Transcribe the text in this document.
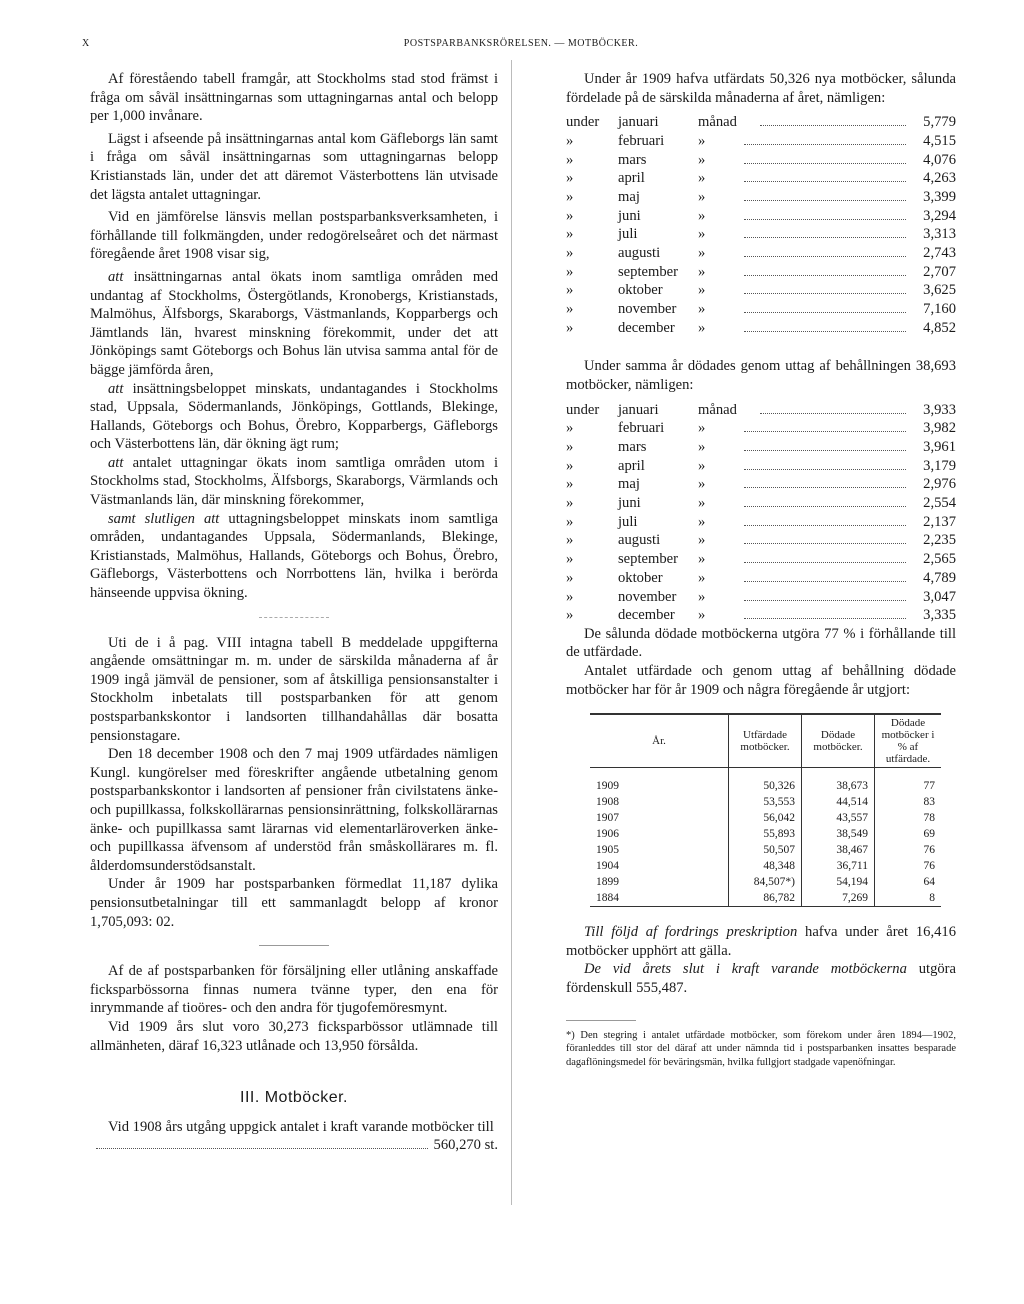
X	POSTSPARBANKSRÖRELSEN. — MOTBÖCKER.

Af föreståendo tabell framgår, att Stockholms stad stod främst i fråga om såväl insättningarnas som uttagningarnas antal och belopp per 1,000 invånare.

Lägst i afseende på insättningarnas antal kom Gäfleborgs län samt i fråga om såväl insättningarnas som uttagningarnas belopp Kristianstads län, under det att däremot Västerbottens län utvisade det lägsta antalet uttagningar.

Vid en jämförelse länsvis mellan postsparbanksverksamheten, i förhållande till folkmängden, under redogörelseåret och det närmast föregående året 1908 visar sig,

att insättningarnas antal ökats inom samtliga områden med undantag af Stockholms, Östergötlands, Kronobergs, Kristianstads, Malmöhus, Älfsborgs, Skaraborgs, Västmanlands, Kopparbergs och Jämtlands län, hvarest minskning förekommit, under det att Jönköpings samt Göteborgs och Bohus län utvisa samma antal för de bägge jämförda åren,

att insättningsbeloppet minskats, undantagandes i Stockholms stad, Uppsala, Södermanlands, Jönköpings, Gottlands, Blekinge, Hallands, Göteborgs och Bohus, Örebro, Kopparbergs, Gäfleborgs och Västerbottens län, där ökning ägt rum;

att antalet uttagningar ökats inom samtliga områden utom i Stockholms stad, Stockholms, Älfsborgs, Skaraborgs, Värmlands och Västmanlands län, där minskning förekommer,

samt slutligen att uttagningsbeloppet minskats inom samtliga områden, undantagandes Uppsala, Södermanlands, Blekinge, Kristianstads, Malmöhus, Hallands, Göteborgs och Bohus, Örebro, Gäfleborgs, Västerbottens och Norrbottens län, hvilka i berörda hänseende uppvisa ökning.

Uti de i å pag. VIII intagna tabell B meddelade uppgifterna angående omsättningar m. m. under de särskilda månaderna af år 1909 ingå jämväl de pensioner, som af åtskilliga pensionsanstalter i Stockholm inbetalats till postsparbanken för att genom postsparbankskontor i landsorten tillhandahållas där bosatta pensionstagare.

Den 18 december 1908 och den 7 maj 1909 utfärdades nämligen Kungl. kungörelser med föreskrifter angående utbetalning genom postsparbankskontor i landsorten af pensioner från civilstatens änke- och pupillkassa, folkskollärarnas pensionsinrättning, folkskollärarnas änke- och pupillkassa samt lärarnas vid elementarläroverken änke- och pupillkassa äfvensom af understöd från småskollärares m. fl. ålderdomsunderstödsanstalt.

Under år 1909 har postsparbanken förmedlat 11,187 dylika pensionsutbetalningar till ett sammanlagdt belopp af kronor 1,705,093: 02.

Af de af postsparbanken för försäljning eller utlåning anskaffade ficksparbössorna finnas numera tvänne typer, den ena för inrymmande af tioöres- och den andra för tjugofemöresmynt.

Vid 1909 års slut voro 30,273 ficksparbössor utlämnade till allmänheten, däraf 16,323 utlånade och 13,950 försålda.

III. Motböcker.

Vid 1908 års utgång uppgick antalet i kraft varande motböcker till

560,270 st.

Under år 1909 hafva utfärdats 50,326 nya motböcker, sålunda fördelade på de särskilda månaderna af året, nämligen:

under	januari	månad	5,779
»	februari	»	4,515
»	mars	»	4,076
»	april	»	4,263
»	maj	»	3,399
»	juni	»	3,294
»	juli	»	3,313
»	augusti	»	2,743
»	september	»	2,707
»	oktober	»	3,625
»	november	»	7,160
»	december	»	4,852

Under samma år dödades genom uttag af behållningen 38,693 motböcker, nämligen:

under	januari	månad	3,933
»	februari	»	3,982
»	mars	»	3,961
»	april	»	3,179
»	maj	»	2,976
»	juni	»	2,554
»	juli	»	2,137
»	augusti	»	2,235
»	september	»	2,565
»	oktober	»	4,789
»	november	»	3,047
»	december	»	3,335

De sålunda dödade motböckerna utgöra 77 % i förhållande till de utfärdade.

Antalet utfärdade och genom uttag af behållning dödade motböcker har för år 1909 och några föregående år utgjort:

År.	Utfärdade motböcker.	Dödade motböcker.	Dödade motböcker i % af utfärdade.
1909	50,326	38,673	77
1908	53,553	44,514	83
1907	56,042	43,557	78
1906	55,893	38,549	69
1905	50,507	38,467	76
1904	48,348	36,711	76
1899	84,507*)	54,194	64
1884	86,782	7,269	8

Till följd af fordrings preskription hafva under året 16,416 motböcker upphört att gälla.

De vid årets slut i kraft varande motböckerna utgöra fördenskull 555,487.

*) Den stegring i antalet utfärdade motböcker, som förekom under åren 1894—1902, föranleddes till stor del däraf att under nämnda tid i postsparbanken insattes besparade dagaflöningsmedel för beväringsmän, hvilka fullgjort stadgade vapenöfningar.
